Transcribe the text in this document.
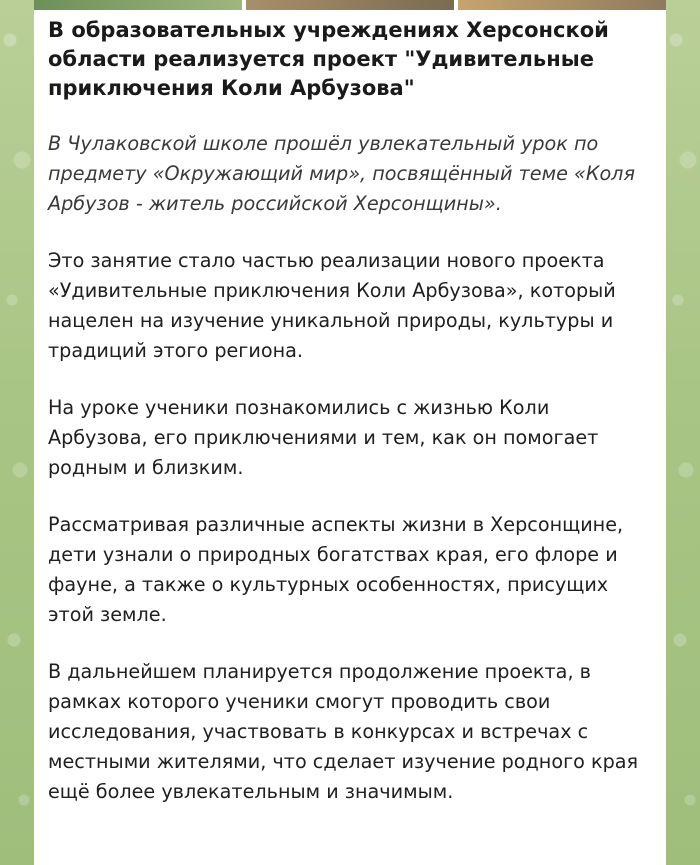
В образовательных учреждениях Херсонской области реализуется проект "Удивительные приключения Коли Арбузова"

В Чулаковской школе прошёл увлекательный урок по предмету «Окружающий мир», посвящённый теме «Коля Арбузов - житель российской Херсонщины».

Это занятие стало частью реализации нового проекта «Удивительные приключения Коли Арбузова», который нацелен на изучение уникальной природы, культуры и традиций этого региона.

На уроке ученики познакомились с жизнью Коли Арбузова, его приключениями и тем, как он помогает родным и близким.

Рассматривая различные аспекты жизни в Херсонщине, дети узнали о природных богатствах края, его флоре и фауне, а также о культурных особенностях, присущих этой земле.

В дальнейшем планируется продолжение проекта, в рамках которого ученики смогут проводить свои исследования, участвовать в конкурсах и встречах с местными жителями, что сделает изучение родного края ещё более увлекательным и значимым.
